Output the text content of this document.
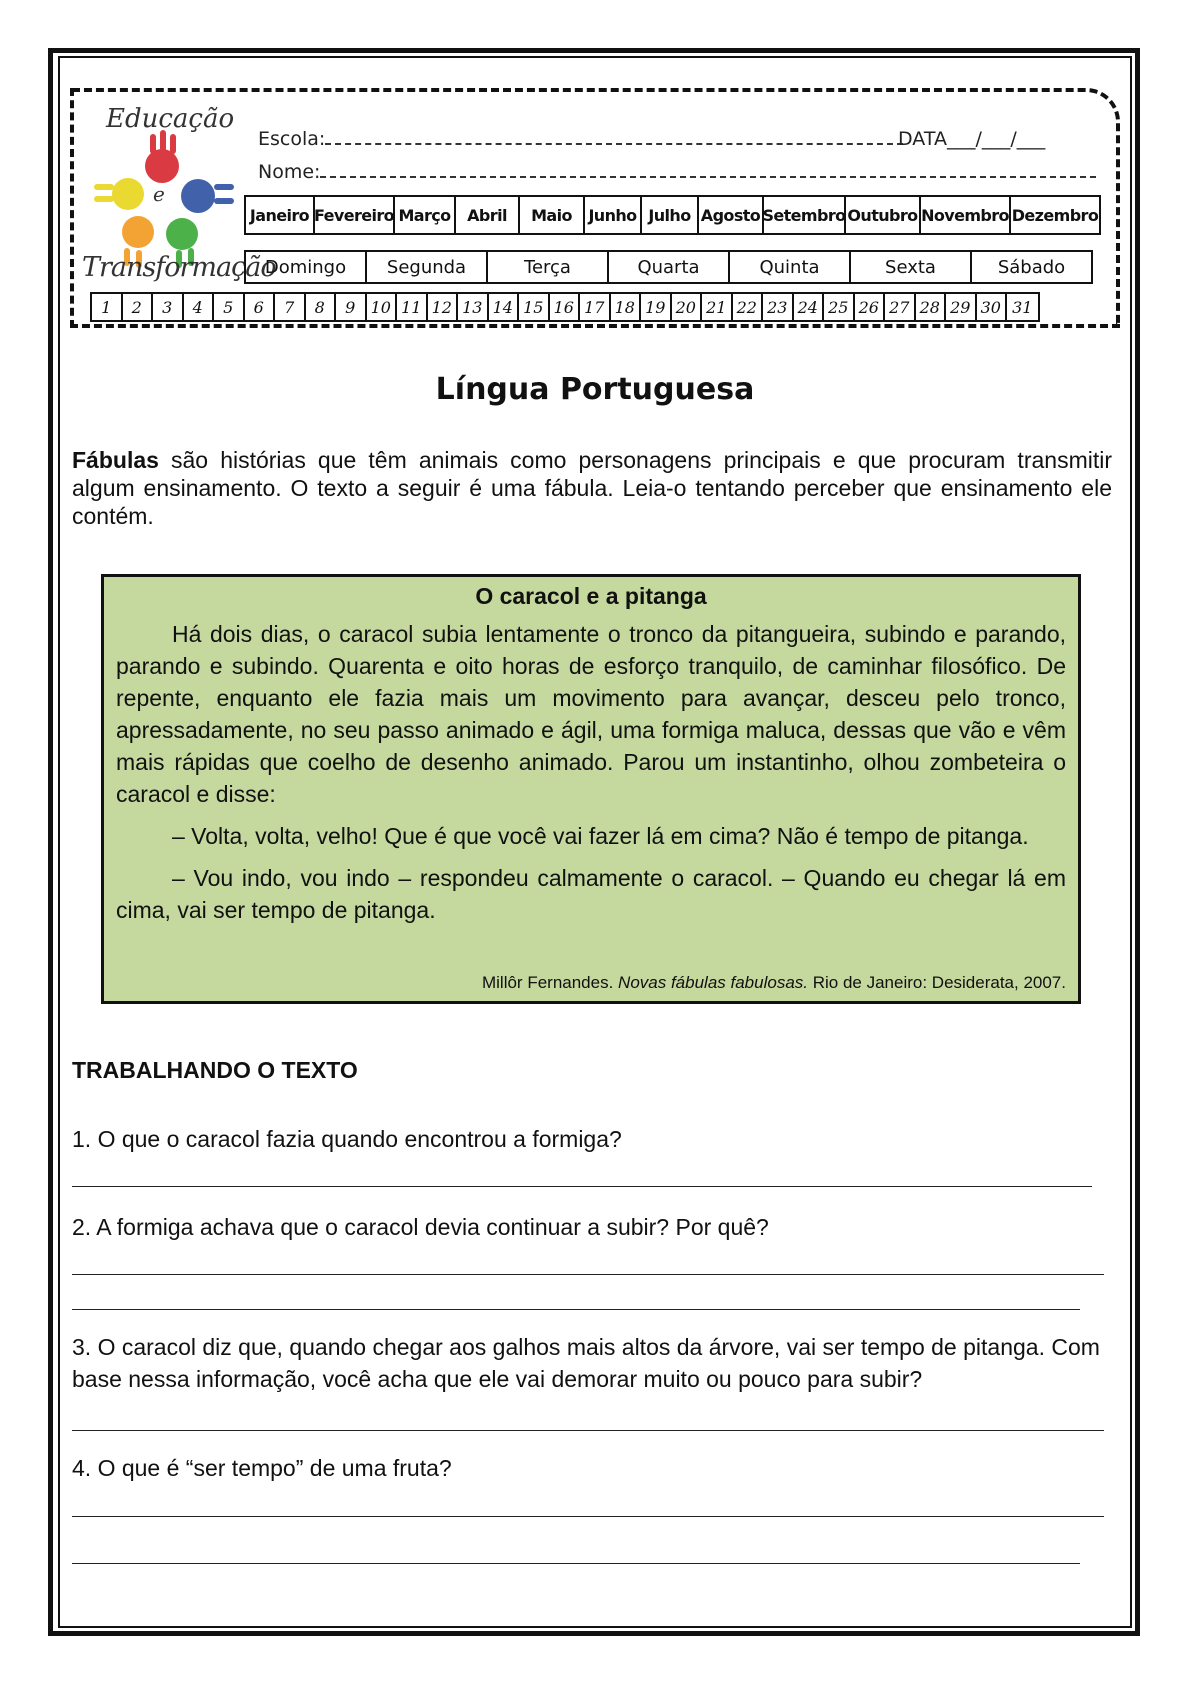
Educação
e
Transformação
Escola:	DATA___/___/___
Nome:
Janeiro Fevereiro Março	Abril	Maio	Junho Julho Agosto Setembro Outubro Novembro Dezembro
Domingo	Segunda	Terça	Quarta	Quinta	Sexta	Sábado
1	2	3	4	5	6	7	8	9 10 11 12 13 14 15 16 17 18 19 20 21 22 23 24 25 26 27 28 29 30 31
Língua Portuguesa
Fábulas são histórias que têm animais como personagens principais e que procuram transmitir algum ensinamento. O texto a seguir é uma fábula. Leia-o tentando perceber que ensinamento ele contém.
O caracol e a pitanga

Há dois dias, o caracol subia lentamente o tronco da pitangueira, subindo e parando, parando e subindo. Quarenta e oito horas de esforço tranquilo, de caminhar filosófico. De repente, enquanto ele fazia mais um movimento para avançar, desceu pelo tronco, apressadamente, no seu passo animado e ágil, uma formiga maluca, dessas que vão e vêm mais rápidas que coelho de desenho animado. Parou um instantinho, olhou zombeteira o caracol e disse:

– Volta, volta, velho! Que é que você vai fazer lá em cima? Não é tempo de pitanga.

– Vou indo, vou indo – respondeu calmamente o caracol. – Quando eu chegar lá em cima, vai ser tempo de pitanga.

Millôr Fernandes. Novas fábulas fabulosas. Rio de Janeiro: Desiderata, 2007.
TRABALHANDO O TEXTO
1. O que o caracol fazia quando encontrou a formiga?
2. A formiga achava que o caracol devia continuar a subir? Por quê?
3. O caracol diz que, quando chegar aos galhos mais altos da árvore, vai ser tempo de pitanga. Com base nessa informação, você acha que ele vai demorar muito ou pouco para subir?
4. O que é “ser tempo” de uma fruta?
